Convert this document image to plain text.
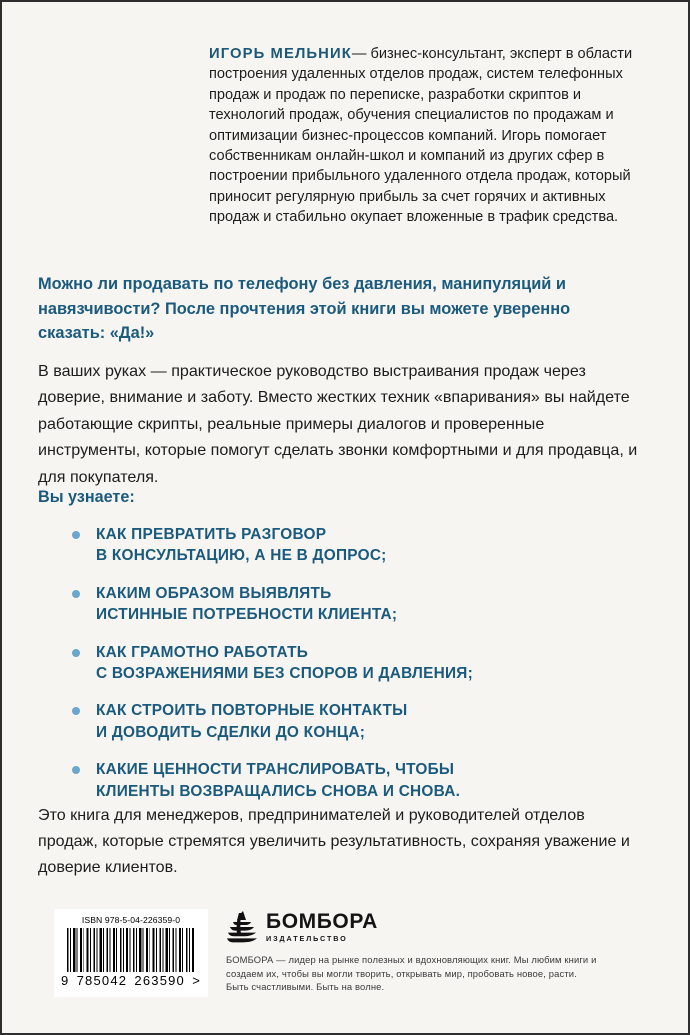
ИГОРЬ МЕЛЬНИК— бизнес-консультант, эксперт в области построения удаленных отделов продаж, систем телефонных продаж и продаж по переписке, разработки скриптов и технологий продаж, обучения специалистов по продажам и оптимизации бизнес-процессов компаний. Игорь помогает собственникам онлайн-школ и компаний из других сфер в построении прибыльного удаленного отдела продаж, который приносит регулярную прибыль за счет горячих и активных продаж и стабильно окупает вложенные в трафик средства.
Можно ли продавать по телефону без давления, манипуляций и навязчивости? После прочтения этой книги вы можете уверенно сказать: «Да!»
В ваших руках — практическое руководство выстраивания продаж через доверие, внимание и заботу. Вместо жестких техник «впаривания» вы найдете работающие скрипты, реальные примеры диалогов и проверенные инструменты, которые помогут сделать звонки комфортными и для продавца, и для покупателя.
Вы узнаете:
КАК ПРЕВРАТИТЬ РАЗГОВОР
В КОНСУЛЬТАЦИЮ, А НЕ В ДОПРОС;
КАКИМ ОБРАЗОМ ВЫЯВЛЯТЬ
ИСТИННЫЕ ПОТРЕБНОСТИ КЛИЕНТА;
КАК ГРАМОТНО РАБОТАТЬ
С ВОЗРАЖЕНИЯМИ БЕЗ СПОРОВ И ДАВЛЕНИЯ;
КАК СТРОИТЬ ПОВТОРНЫЕ КОНТАКТЫ
И ДОВОДИТЬ СДЕЛКИ ДО КОНЦА;
КАКИЕ ЦЕННОСТИ ТРАНСЛИРОВАТЬ, ЧТОБЫ
КЛИЕНТЫ ВОЗВРАЩАЛИСЬ СНОВА И СНОВА.
Это книга для менеджеров, предпринимателей и руководителей отделов продаж, которые стремятся увеличить результативность, сохраняя уважение и доверие клиентов.
ISBN 978-5-04-226359-0
9 785042 263590 >
БОМБОРА
ИЗДАТЕЛЬСТВО
БОМБОРА — лидер на рынке полезных и вдохновляющих книг. Мы любим книги и создаем их, чтобы вы могли творить, открывать мир, пробовать новое, расти. Быть счастливыми. Быть на волне.
